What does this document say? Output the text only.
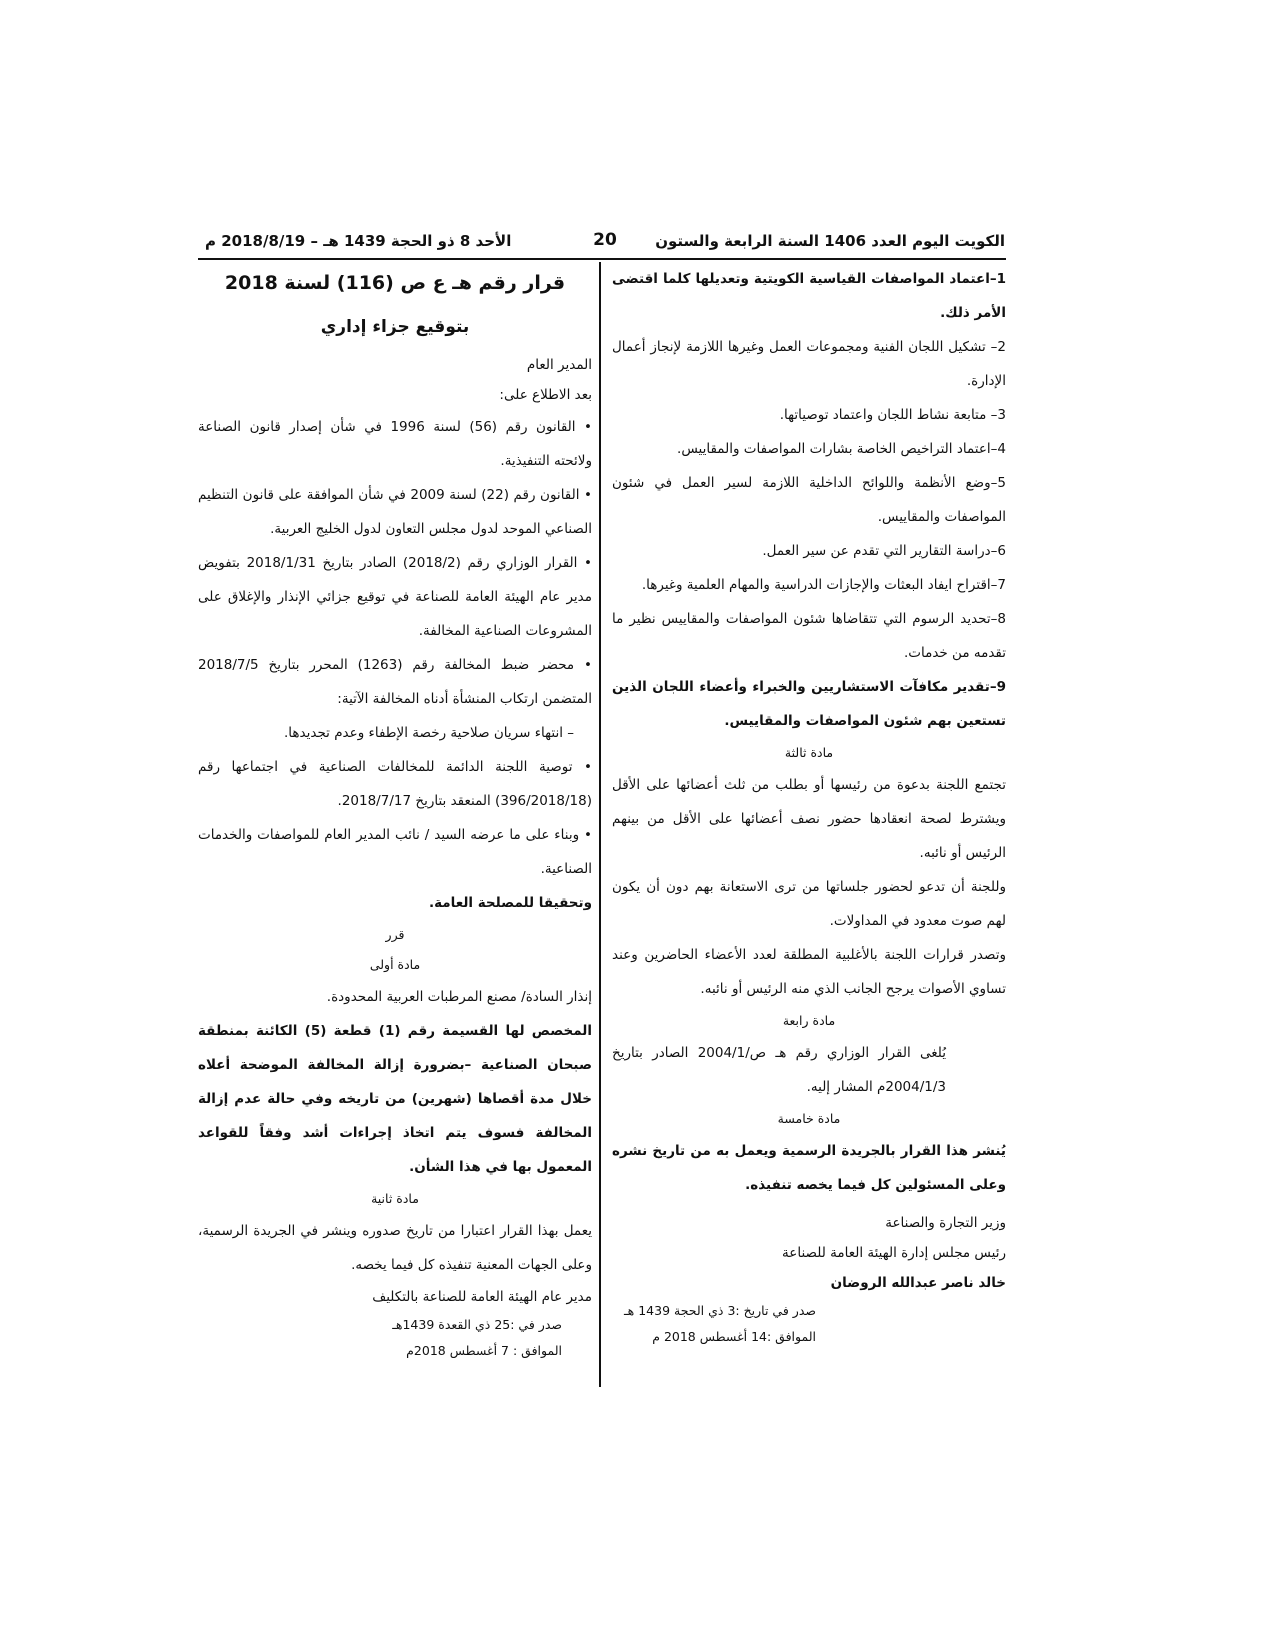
الكويت اليوم العدد 1406 السنة الرابعة والستون
20
الأحد 8 ذو الحجة 1439 هـ – 2018/8/19 م

1–اعتماد المواصفات القياسية الكويتية وتعديلها كلما اقتضى الأمر ذلك.

2– تشكيل اللجان الفنية ومجموعات العمل وغيرها اللازمة لإنجاز أعمال الإدارة.

3– متابعة نشاط اللجان واعتماد توصياتها.

4–اعتماد التراخيص الخاصة بشارات المواصفات والمقاييس.

5–وضع الأنظمة واللوائح الداخلية اللازمة لسير العمل في شئون المواصفات والمقاييس.

6–دراسة التقارير التي تقدم عن سير العمل.

7–اقتراح ايفاد البعثات والإجازات الدراسية والمهام العلمية وغيرها.

8–تحديد الرسوم التي تتقاضاها شئون المواصفات والمقاييس نظير ما تقدمه من خدمات.

9–تقدير مكافآت الاستشاريين والخبراء وأعضاء اللجان الذين تستعين بهم شئون المواصفات والمقاييس.

مادة ثالثة

تجتمع اللجنة بدعوة من رئيسها أو بطلب من ثلث أعضائها على الأقل ويشترط لصحة انعقادها حضور نصف أعضائها على الأقل من بينهم الرئيس أو نائبه.

وللجنة أن تدعو لحضور جلساتها من ترى الاستعانة بهم دون أن يكون لهم صوت معدود في المداولات.

وتصدر قرارات اللجنة بالأغلبية المطلقة لعدد الأعضاء الحاضرين وعند تساوي الأصوات يرجح الجانب الذي منه الرئيس أو نائبه.

مادة رابعة

يُلغى القرار الوزاري رقم هـ ص/2004/1 الصادر بتاريخ 2004/1/3م المشار إليه.

مادة خامسة

يُنشر هذا القرار بالجريدة الرسمية ويعمل به من تاريخ نشره وعلى المسئولين كل فيما يخصه تنفيذه.

وزير التجارة والصناعة
رئيس مجلس إدارة الهيئة العامة للصناعة
خالد ناصر عبدالله الروضان
صدر في تاريخ :3 ذي الحجة 1439 هـ
الموافق :14 أغسطس 2018 م
قرار رقم هـ ع ص (116) لسنة 2018
بتوقيع جزاء إداري
المدير العام
بعد الاطلاع على:

• القانون رقم (56) لسنة 1996 في شأن إصدار قانون الصناعة ولائحته التنفيذية.

• القانون رقم (22) لسنة 2009 في شأن الموافقة على قانون التنظيم الصناعي الموحد لدول مجلس التعاون لدول الخليج العربية.

• القرار الوزاري رقم (2018/2) الصادر بتاريخ 2018/1/31 بتفويض مدير عام الهيئة العامة للصناعة في توقيع جزائي الإنذار والإغلاق على المشروعات الصناعية المخالفة.

• محضر ضبط المخالفة رقم (1263) المحرر بتاريخ 2018/7/5 المتضمن ارتكاب المنشأة أدناه المخالفة الآتية:

– انتهاء سريان صلاحية رخصة الإطفاء وعدم تجديدها.

• توصية اللجنة الدائمة للمخالفات الصناعية في اجتماعها رقم (396/2018/18) المنعقد بتاريخ 2018/7/17.

• وبناء على ما عرضه السيد / نائب المدير العام للمواصفات والخدمات الصناعية.

وتحقيقا للمصلحة العامة.

قرر
مادة أولى

إنذار السادة/ مصنع المرطبات العربية المحدودة.

المخصص لها القسيمة رقم (1) قطعة (5) الكائنة بمنطقة صبحان الصناعية –بضرورة إزالة المخالفة الموضحة أعلاه خلال مدة أقصاها (شهرين) من تاريخه وفي حالة عدم إزالة المخالفة فسوف يتم اتخاذ إجراءات أشد وفقاً للقواعد المعمول بها في هذا الشأن.

مادة ثانية

يعمل بهذا القرار اعتبارا من تاريخ صدوره وينشر في الجريدة الرسمية، وعلى الجهات المعنية تنفيذه كل فيما يخصه.

مدير عام الهيئة العامة للصناعة بالتكليف
صدر في :25 ذي القعدة 1439هـ
الموافق : 7 أغسطس 2018م
